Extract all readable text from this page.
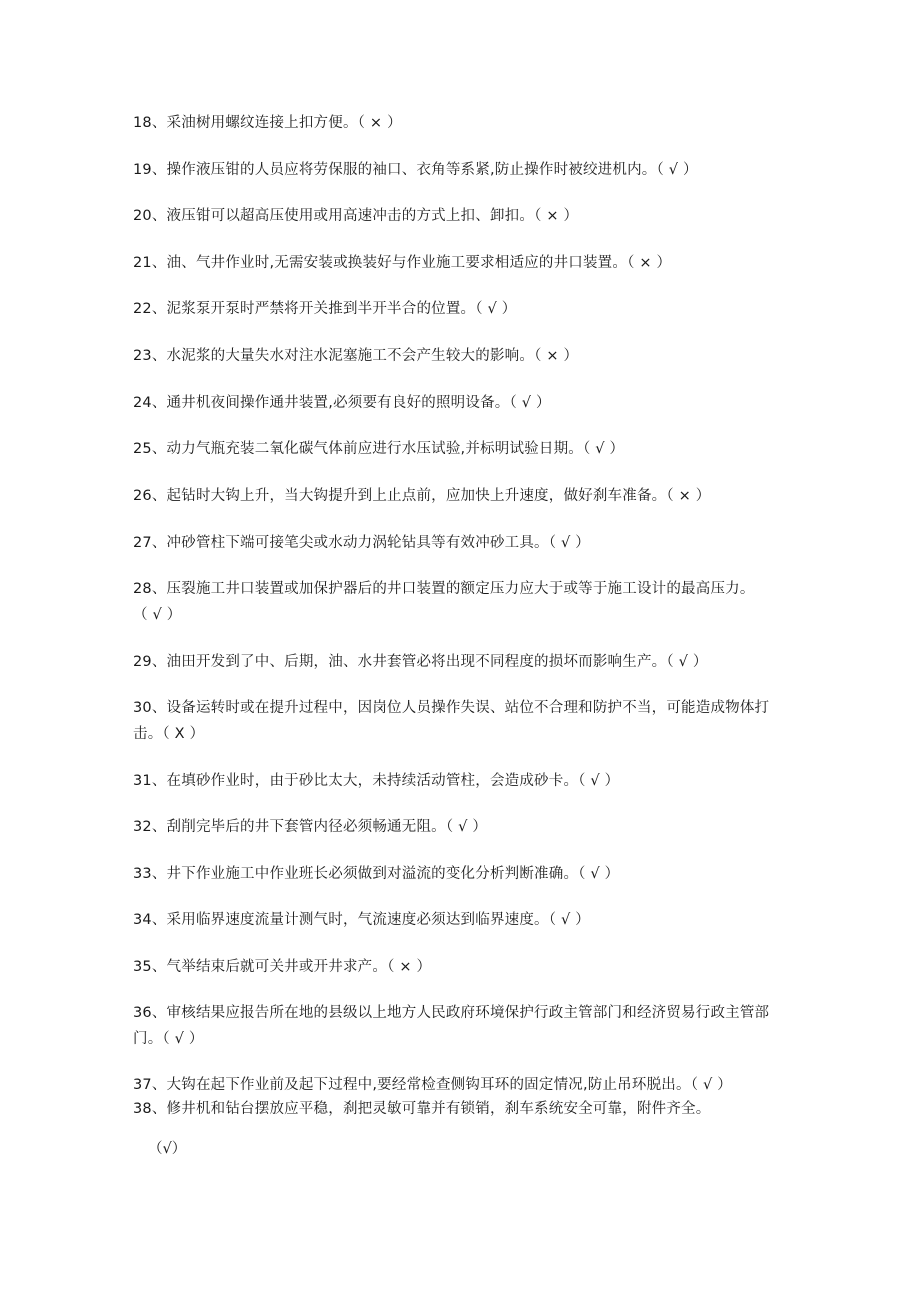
18、采油树用螺纹连接上扣方便。（ × ）
19、操作液压钳的人员应将劳保服的袖口、衣角等系紧,防止操作时被绞进机内。（ √ ）
20、液压钳可以超高压使用或用高速冲击的方式上扣、卸扣。（ × ）
21、油、气井作业时,无需安装或换装好与作业施工要求相适应的井口装置。（ × ）
22、泥浆泵开泵时严禁将开关推到半开半合的位置。（ √ ）
23、水泥浆的大量失水对注水泥塞施工不会产生较大的影响。（ × ）
24、通井机夜间操作通井装置,必须要有良好的照明设备。（ √ ）
25、动力气瓶充装二氧化碳气体前应进行水压试验,并标明试验日期。（ √ ）
26、起钻时大钩上升，当大钩提升到上止点前，应加快上升速度，做好刹车准备。（ × ）
27、冲砂管柱下端可接笔尖或水动力涡轮钻具等有效冲砂工具。（ √ ）
28、压裂施工井口装置或加保护器后的井口装置的额定压力应大于或等于施工设计的最高压力。（ √ ）
29、油田开发到了中、后期，油、水井套管必将出现不同程度的损坏而影响生产。（ √ ）
30、设备运转时或在提升过程中，因岗位人员操作失误、站位不合理和防护不当，可能造成物体打击。（ X ）
31、在填砂作业时，由于砂比太大，未持续活动管柱，会造成砂卡。（ √ ）
32、刮削完毕后的井下套管内径必须畅通无阻。（ √ ）
33、井下作业施工中作业班长必须做到对溢流的变化分析判断准确。（ √ ）
34、采用临界速度流量计测气时，气流速度必须达到临界速度。（ √ ）
35、气举结束后就可关井或开井求产。（ × ）
36、审核结果应报告所在地的县级以上地方人民政府环境保护行政主管部门和经济贸易行政主管部门。（ √ ）
37、大钩在起下作业前及起下过程中,要经常检查侧钩耳环的固定情况,防止吊环脱出。（ √ ）
38、修井机和钻台摆放应平稳，刹把灵敏可靠并有锁销，刹车系统安全可靠，附件齐全。
（√）
